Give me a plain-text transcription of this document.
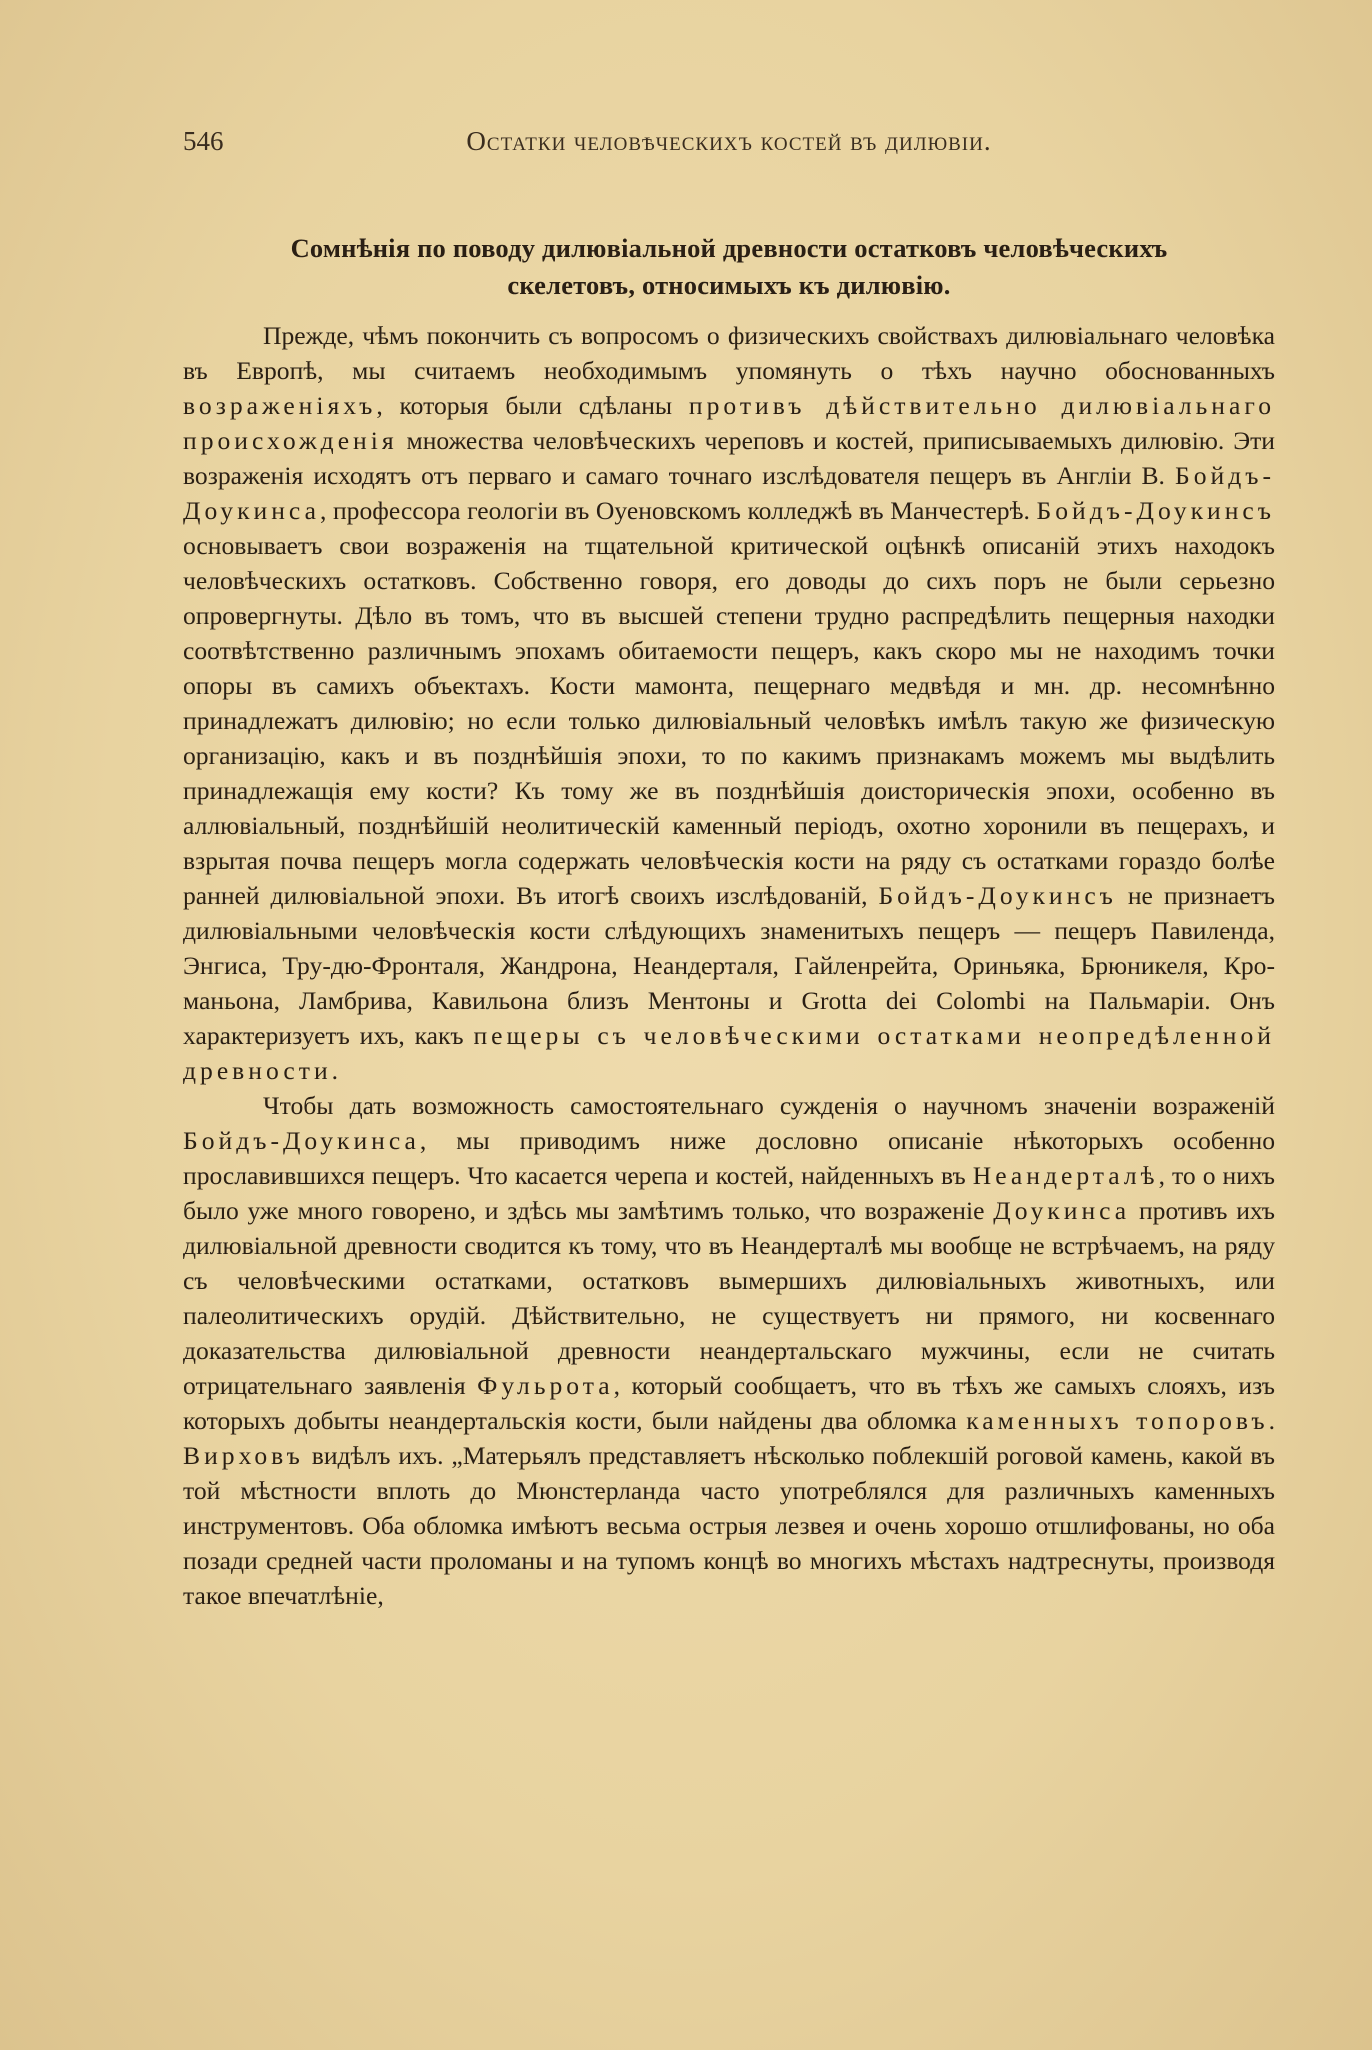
546	Остатки человѣческихъ костей въ дилювіи.
Сомнѣнія по поводу дилювіальной древности остатковъ человѣческихъ
скелетовъ, относимыхъ къ дилювію.

Прежде, чѣмъ покончить съ вопросомъ о физическихъ свойствахъ дилювіальнаго человѣка въ Европѣ, мы считаемъ необходимымъ упомянуть о тѣхъ научно обоснованныхъ возраженіяхъ, которыя были сдѣланы противъ дѣйствительно дилювіальнаго происхожденія множества человѣческихъ череповъ и костей, приписываемыхъ дилювію. Эти возраженія исходятъ отъ перваго и самаго точнаго изслѣдователя пещеръ въ Англіи В. Бойдъ-Доукинса, профессора геологіи въ Оуеновскомъ колледжѣ въ Манчестерѣ. Бойдъ-Доукинсъ основываетъ свои возраженія на тщательной критической оцѣнкѣ описаній этихъ находокъ человѣческихъ остатковъ. Собственно говоря, его доводы до сихъ поръ не были серьезно опровергнуты. Дѣло въ томъ, что въ высшей степени трудно распредѣлить пещерныя находки соотвѣтственно различнымъ эпохамъ обитаемости пещеръ, какъ скоро мы не находимъ точки опоры въ самихъ объектахъ. Кости мамонта, пещернаго медвѣдя и мн. др. несомнѣнно принадлежатъ дилювію; но если только дилювіальный человѣкъ имѣлъ такую же физическую организацію, какъ и въ позднѣйшія эпохи, то по какимъ признакамъ можемъ мы выдѣлить принадлежащія ему кости? Къ тому же въ позднѣйшія доисторическія эпохи, особенно въ аллювіальный, позднѣйшій неолитическій каменный періодъ, охотно хоронили въ пещерахъ, и взрытая почва пещеръ могла содержать человѣческія кости на ряду съ остатками гораздо болѣе ранней дилювіальной эпохи. Въ итогѣ своихъ изслѣдованій, Бойдъ-Доукинсъ не признаетъ дилювіальными человѣческія кости слѣдующихъ знаменитыхъ пещеръ — пещеръ Павиленда, Энгиса, Тру-дю-Фронталя, Жандрона, Неандерталя, Гайленрейта, Ориньяка, Брюникеля, Кро-маньона, Ламбрива, Кавильона близъ Ментоны и Grotta dei Colombi на Пальмаріи. Онъ характеризуетъ ихъ, какъ пещеры съ человѣческими остатками неопредѣленной древности.

Чтобы дать возможность самостоятельнаго сужденія о научномъ значеніи возраженій Бойдъ-Доукинса, мы приводимъ ниже дословно описаніе нѣкоторыхъ особенно прославившихся пещеръ. Что касается черепа и костей, найденныхъ въ Неандерталѣ, то о нихъ было уже много говорено, и здѣсь мы замѣтимъ только, что возраженіе Доукинса противъ ихъ дилювіальной древности сводится къ тому, что въ Неандерталѣ мы вообще не встрѣчаемъ, на ряду съ человѣческими остатками, остатковъ вымершихъ дилювіальныхъ животныхъ, или палеолитическихъ орудій. Дѣйствительно, не существуетъ ни прямого, ни косвеннаго доказательства дилювіальной древности неандертальскаго мужчины, если не считать отрицательнаго заявленія Фульрота, который сообщаетъ, что въ тѣхъ же самыхъ слояхъ, изъ которыхъ добыты неандертальскія кости, были найдены два обломка каменныхъ топоровъ. Вирховъ видѣлъ ихъ. „Матерьялъ представляетъ нѣсколько поблекшій роговой камень, какой въ той мѣстности вплоть до Мюнстерланда часто употреблялся для различныхъ каменныхъ инструментовъ. Оба обломка имѣютъ весьма острыя лезвея и очень хорошо отшлифованы, но оба позади средней части проломаны и на тупомъ концѣ во многихъ мѣстахъ надтреснуты, производя такое впечатлѣніе,
